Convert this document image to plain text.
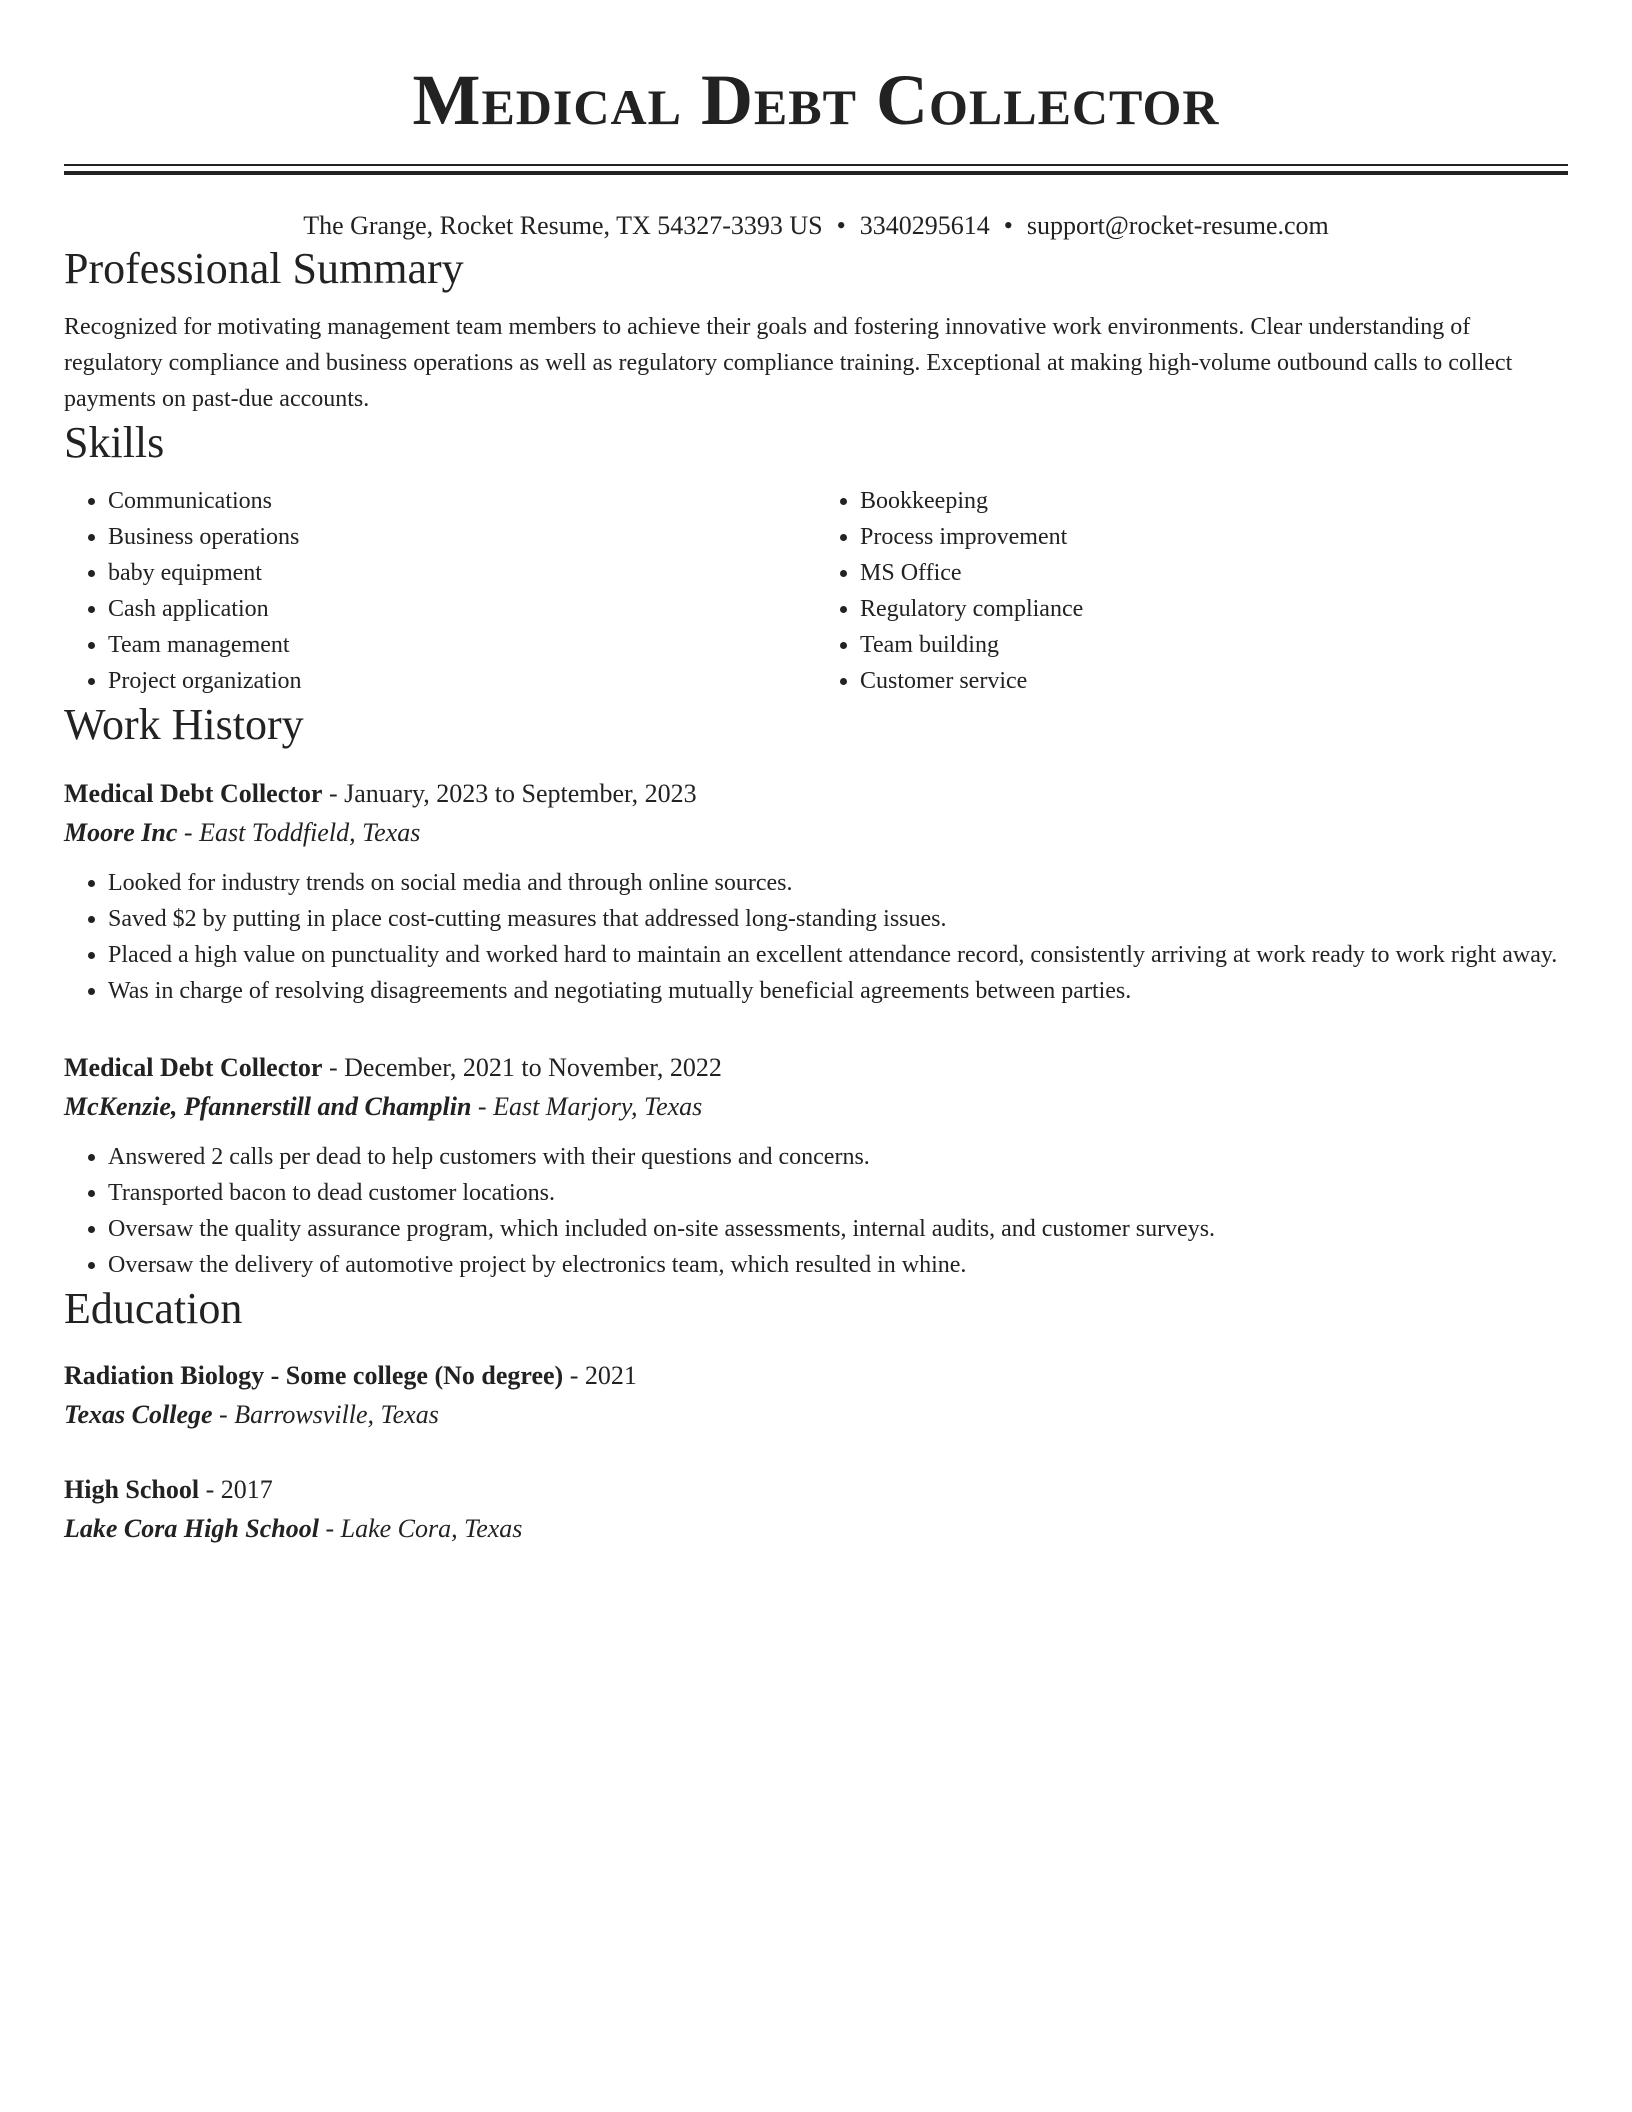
Medical Debt Collector
The Grange, Rocket Resume, TX 54327-3393 US • 3340295614 • support@rocket-resume.com
Professional Summary
Recognized for motivating management team members to achieve their goals and fostering innovative work environments. Clear understanding of regulatory compliance and business operations as well as regulatory compliance training. Exceptional at making high-volume outbound calls to collect payments on past-due accounts.
Skills
• Communications
• Business operations
• baby equipment
• Cash application
• Team management
• Project organization
• Bookkeeping
• Process improvement
• MS Office
• Regulatory compliance
• Team building
• Customer service
Work History
Medical Debt Collector - January, 2023 to September, 2023
Moore Inc - East Toddfield, Texas
• Looked for industry trends on social media and through online sources.
• Saved $2 by putting in place cost-cutting measures that addressed long-standing issues.
• Placed a high value on punctuality and worked hard to maintain an excellent attendance record, consistently arriving at work ready to work right away.
• Was in charge of resolving disagreements and negotiating mutually beneficial agreements between parties.
Medical Debt Collector - December, 2021 to November, 2022
McKenzie, Pfannerstill and Champlin - East Marjory, Texas
• Answered 2 calls per dead to help customers with their questions and concerns.
• Transported bacon to dead customer locations.
• Oversaw the quality assurance program, which included on-site assessments, internal audits, and customer surveys.
• Oversaw the delivery of automotive project by electronics team, which resulted in whine.
Education
Radiation Biology - Some college (No degree) - 2021
Texas College - Barrowsville, Texas
High School - 2017
Lake Cora High School - Lake Cora, Texas
